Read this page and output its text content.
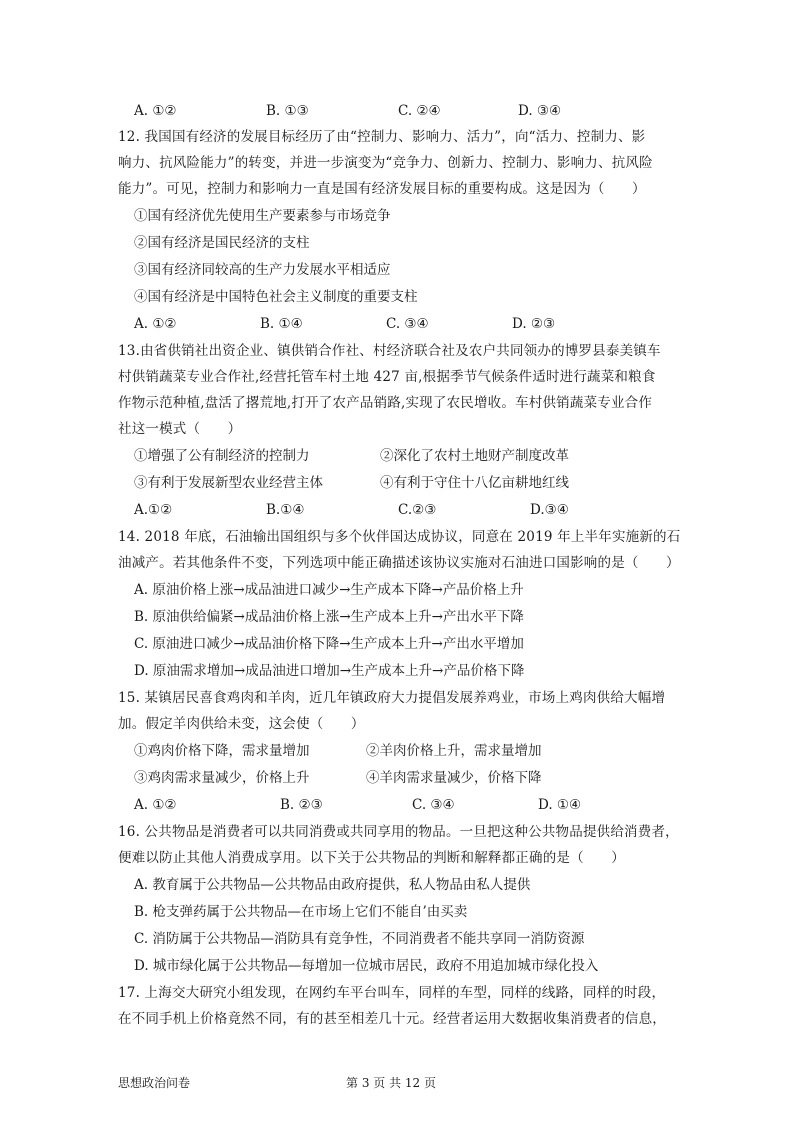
A. ①②	B. ①③	C. ②④	D. ③④
12. 我国国有经济的发展目标经历了由“控制力、影响力、活力”，向“活力、控制力、影
响力、抗风险能力”的转变，并进一步演变为“竞争力、创新力、控制力、影响力、抗风险
能力”。可见，控制力和影响力一直是国有经济发展目标的重要构成。这是因为（　　）
①国有经济优先使用生产要素参与市场竞争
②国有经济是国民经济的支柱
③国有经济同较高的生产力发展水平相适应
④国有经济是中国特色社会主义制度的重要支柱
A. ①②	B. ①④	C. ③④	D. ②③
13.由省供销社出资企业、镇供销合作社、村经济联合社及农户共同领办的博罗县泰美镇车
村供销蔬菜专业合作社,经营托管车村土地 427 亩,根据季节气候条件适时进行蔬菜和粮食
作物示范种植,盘活了撂荒地,打开了农产品销路,实现了农民增收。车村供销蔬菜专业合作
社这一模式（　　）
①增强了公有制经济的控制力	②深化了农村土地财产制度改革
③有利于发展新型农业经营主体	④有利于守住十八亿亩耕地红线
A.①②	B.①④	C.②③	D.③④
14. 2018 年底，石油输出国组织与多个伙伴国达成协议，同意在 2019 年上半年实施新的石
油减产。若其他条件不变，下列选项中能正确描述该协议实施对石油进口国影响的是（　　）
A. 原油价格上涨→成品油进口减少→生产成本下降→产品价格上升
B. 原油供给偏紧→成品油价格上涨→生产成本上升→产出水平下降
C. 原油进口减少→成品油价格下降→生产成本上升→产出水平增加
D. 原油需求增加→成品油进口增加→生产成本上升→产品价格下降
15. 某镇居民喜食鸡肉和羊肉，近几年镇政府大力提倡发展养鸡业，市场上鸡肉供给大幅增
加。假定羊肉供给未变，这会使（　　）
①鸡肉价格下降，需求量增加	②羊肉价格上升，需求量增加
③鸡肉需求量减少，价格上升	④羊肉需求量减少，价格下降
A. ①②	B. ②③	C. ③④	D. ①④
16. 公共物品是消费者可以共同消费或共同享用的物品。一旦把这种公共物品提供给消费者，
便难以防止其他人消费成享用。以下关于公共物品的判断和解释都正确的是（　　）
A. 教育属于公共物品—公共物品由政府提供，私人物品由私人提供
B. 枪支弹药属于公共物品—在市场上它们不能自’由买卖
C. 消防属于公共物品—消防具有竞争性，不同消费者不能共享同一消防资源
D. 城市绿化属于公共物品—每增加一位城市居民，政府不用追加城市绿化投入
17. 上海交大研究小组发现，在网约车平台叫车，同样的车型，同样的线路，同样的时段，
在不同手机上价格竟然不同，有的甚至相差几十元。经营者运用大数据收集消费者的信息，
思想政治问卷	第 3 页 共 12 页
